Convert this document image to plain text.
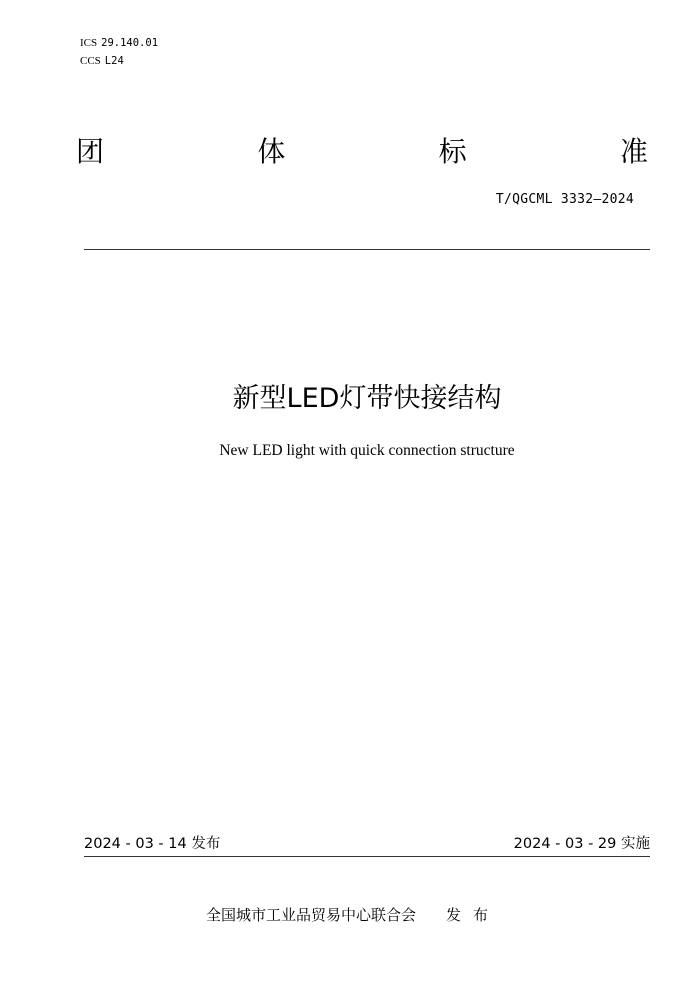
ICS 29.140.01
CCS L24
团	体	标	准
T/QGCML 3332—2024
新型LED灯带快接结构
New LED light with quick connection structure
2024 - 03 - 14 发布	2024 - 03 - 29 实施
全国城市工业品贸易中心联合会 发布
